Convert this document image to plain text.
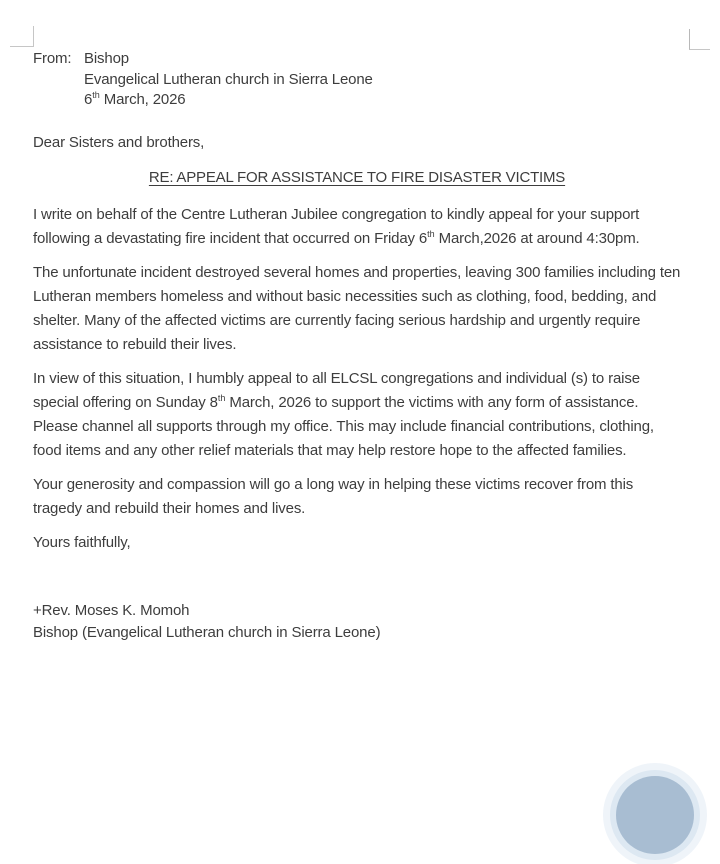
From: Bishop
Evangelical Lutheran church in Sierra Leone
6th March, 2026

Dear Sisters and brothers,

RE: APPEAL FOR ASSISTANCE TO FIRE DISASTER VICTIMS

I write on behalf of the Centre Lutheran Jubilee congregation to kindly appeal for your support following a devastating fire incident that occurred on Friday 6th March,2026 at around 4:30pm.

The unfortunate incident destroyed several homes and properties, leaving 300 families including ten Lutheran members homeless and without basic necessities such as clothing, food, bedding, and shelter. Many of the affected victims are currently facing serious hardship and urgently require assistance to rebuild their lives.

In view of this situation, I humbly appeal to all ELCSL congregations and individual (s) to raise special offering on Sunday 8th March, 2026 to support the victims with any form of assistance. Please channel all supports through my office. This may include financial contributions, clothing, food items and any other relief materials that may help restore hope to the affected families.

Your generosity and compassion will go a long way in helping these victims recover from this tragedy and rebuild their homes and lives.

Yours faithfully,

+Rev. Moses K. Momoh
Bishop (Evangelical Lutheran church in Sierra Leone)
